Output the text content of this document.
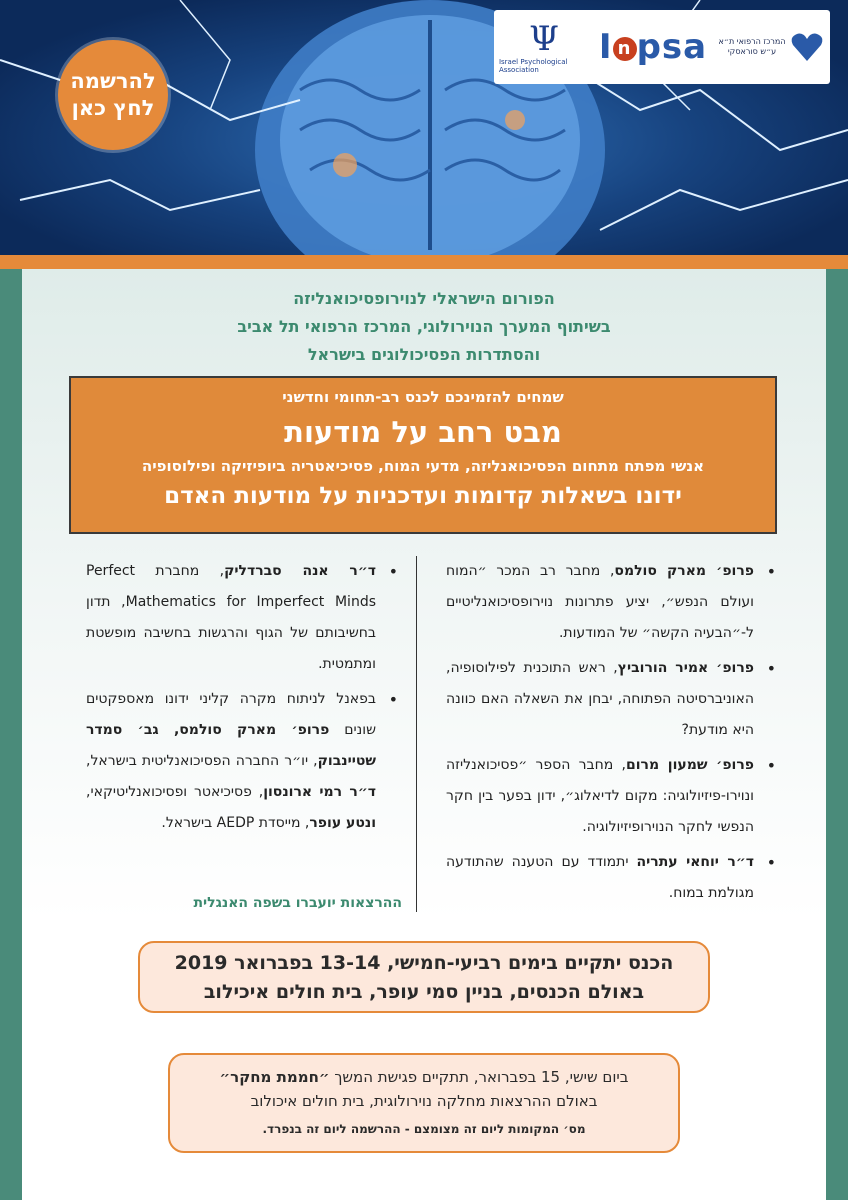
להרשמה
לחץ כאן
המרכז הרפואי ת״א ע״ש סוראסקי
I n psa
Ψ
Israel Psychological Association
הפורום הישראלי לנוירופסיכואנליזה
בשיתוף המערך הנוירולוגי, המרכז הרפואי תל אביב
והסתדרות הפסיכולוגים בישראל
שמחים להזמינכם לכנס רב-תחומי וחדשני
מבט רחב על מודעות
אנשי מפתח מתחום הפסיכואנליזה, מדעי המוח, פסיכיאטריה ביופיזיקה ופילוסופיה
ידונו בשאלות קדומות ועדכניות על מודעות האדם
• פרופ׳ מארק סולמס, מחבר רב המכר ״המוח ועולם הנפש״, יציע פתרונות נוירופסיכואנליטיים ל-״הבעיה הקשה״ של המודעות.
• פרופ׳ אמיר הורוביץ, ראש התוכנית לפילוסופיה, האוניברסיטה הפתוחה, יבחן את השאלה האם כוונה היא מודעת?
• פרופ׳ שמעון מרום, מחבר הספר ״פסיכואנליזה ונוירו-פיזיולוגיה: מקום לדיאלוג״, ידון בפער בין חקר הנפשי לחקר הנוירופיזיולוגיה.
• ד״ר יוחאי עתריה יתמודד עם הטענה שהתודעה מגולמת במוח.
• ד״ר אנה סברדליק, מחברת Perfect Mathematics for Imperfect Minds, תדון בחשיבותם של הגוף והרגשות בחשיבה מופשטת ומתמטית.
• בפאנל לניתוח מקרה קליני ידונו מאספקטים שונים פרופ׳ מארק סולמס, גב׳ סמדר שטיינבוק, יו״ר החברה הפסיכואנליטית בישראל, ד״ר רמי ארונסון, פסיכיאטר ופסיכואנליטיקאי, ונטע עופר, מייסדת AEDP בישראל.
ההרצאות יועברו בשפה האנגלית
הכנס יתקיים בימים רביעי-חמישי, 13-14 בפברואר 2019
באולם הכנסים, בניין סמי עופר, בית חולים איכילוב
ביום שישי, 15 בפברואר, תתקיים פגישת המשך ״חממת מחקר״
באולם ההרצאות מחלקה נוירולוגית, בית חולים איכולוב
מס׳ המקומות ליום זה מצומצם - ההרשמה ליום זה בנפרד.
